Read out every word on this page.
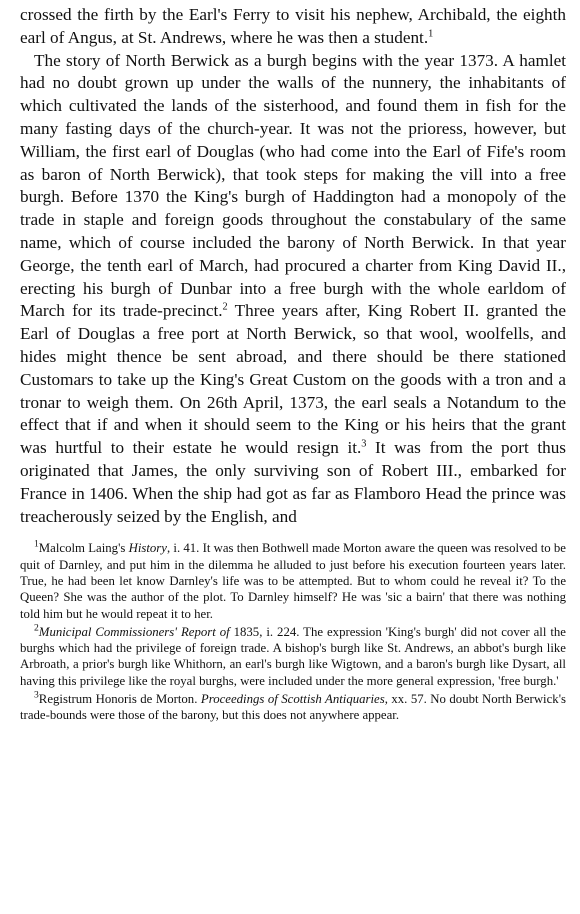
crossed the firth by the Earl's Ferry to visit his nephew, Archibald, the eighth earl of Angus, at St. Andrews, where he was then a student.$^1$

The story of North Berwick as a burgh begins with the year 1373. A hamlet had no doubt grown up under the walls of the nunnery, the inhabitants of which cultivated the lands of the sisterhood, and found them in fish for the many fasting days of the church-year. It was not the prioress, however, but William, the first earl of Douglas (who had come into the Earl of Fife's room as baron of North Berwick), that took steps for making the vill into a free burgh. Before 1370 the King's burgh of Haddington had a monopoly of the trade in staple and foreign goods throughout the constabulary of the same name, which of course included the barony of North Berwick. In that year George, the tenth earl of March, had procured a charter from King David II., erecting his burgh of Dunbar into a free burgh with the whole earldom of March for its trade-precinct.$^2$ Three years after, King Robert II. granted the Earl of Douglas a free port at North Berwick, so that wool, woolfells, and hides might thence be sent abroad, and there should be there stationed Customars to take up the King's Great Custom on the goods with a tron and a tronar to weigh them. On 26th April, 1373, the earl seals a Notandum to the effect that if and when it should seem to the King or his heirs that the grant was hurtful to their estate he would resign it.$^3$ It was from the port thus originated that James, the only surviving son of Robert III., embarked for France in 1406. When the ship had got as far as Flamboro Head the prince was treacherously seized by the English, and

$^1$Malcolm Laing's History, i. 41. It was then Bothwell made Morton aware the queen was resolved to be quit of Darnley, and put him in the dilemma he alluded to just before his execution fourteen years later. True, he had been let know Darnley's life was to be attempted. But to whom could he reveal it? To the Queen? She was the author of the plot. To Darnley himself? He was 'sic a bairn' that there was nothing told him but he would repeat it to her.

$^2$Municipal Commissioners' Report of 1835, i. 224. The expression 'King's burgh' did not cover all the burghs which had the privilege of foreign trade. A bishop's burgh like St. Andrews, an abbot's burgh like Arbroath, a prior's burgh like Whithorn, an earl's burgh like Wigtown, and a baron's burgh like Dysart, all having this privilege like the royal burghs, were included under the more general expression, 'free burgh.'

$^3$Registrum Honoris de Morton. Proceedings of Scottish Antiquaries, xx. 57. No doubt North Berwick's trade-bounds were those of the barony, but this does not anywhere appear.
